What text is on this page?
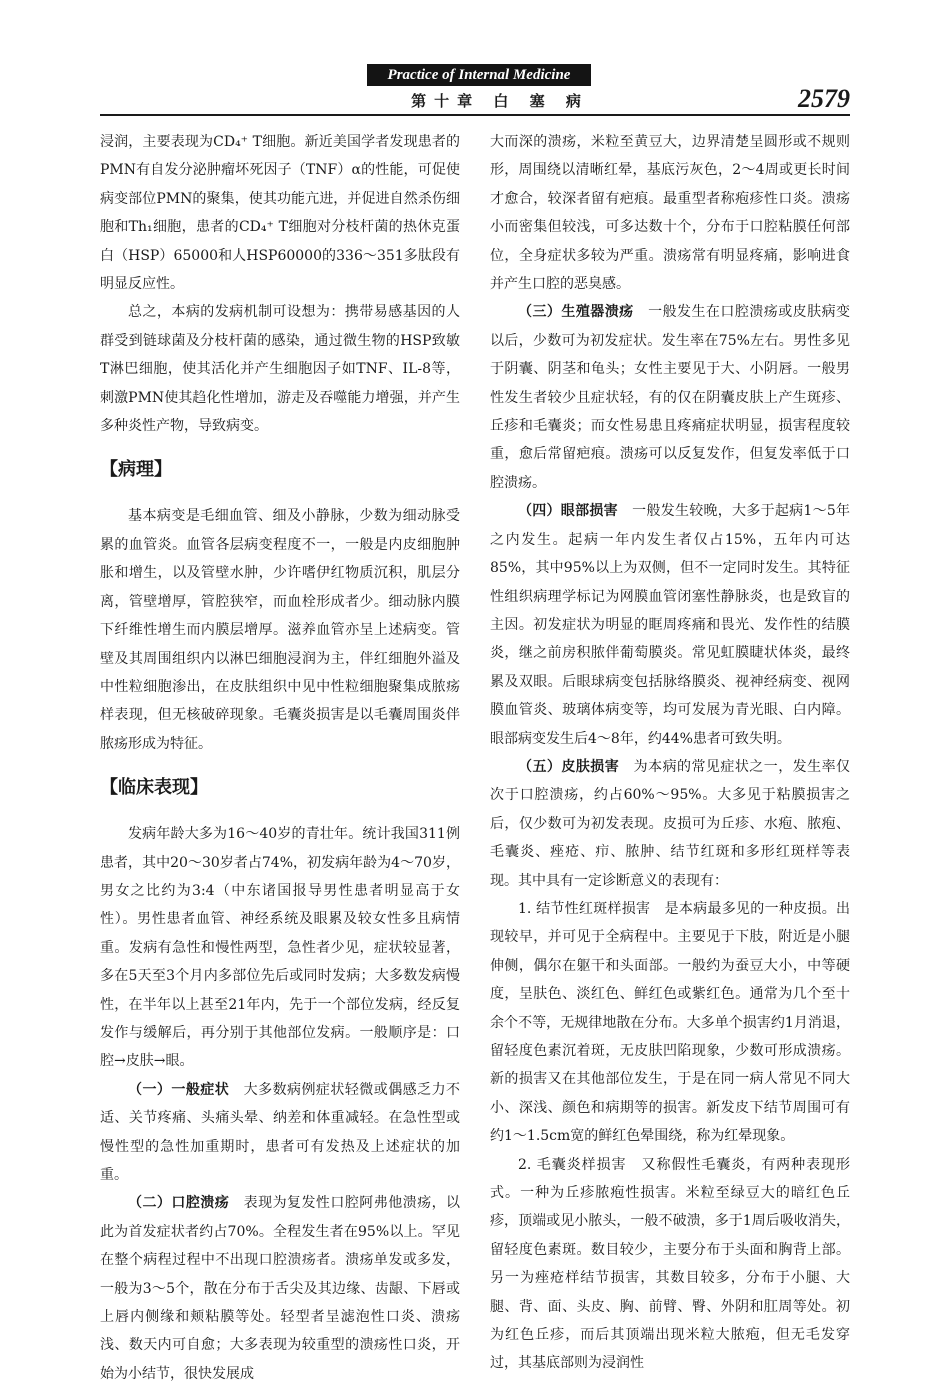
Practice of Internal Medicine
第十章 白 塞 病	2579

浸润，主要表现为CD₄⁺ T细胞。新近美国学者发现患者的PMN有自发分泌肿瘤坏死因子（TNF）α的性能，可促使病变部位PMN的聚集，使其功能亢进，并促进自然杀伤细胞和Th₁细胞，患者的CD₄⁺ T细胞对分枝杆菌的热休克蛋白（HSP）65000和人HSP60000的336～351多肽段有明显反应性。

总之，本病的发病机制可设想为：携带易感基因的人群受到链球菌及分枝杆菌的感染，通过微生物的HSP致敏T淋巴细胞，使其活化并产生细胞因子如TNF、IL-8等，刺激PMN使其趋化性增加，游走及吞噬能力增强，并产生多种炎性产物，导致病变。

【病理】

基本病变是毛细血管、细及小静脉，少数为细动脉受累的血管炎。血管各层病变程度不一，一般是内皮细胞肿胀和增生，以及管壁水肿，少许嗜伊红物质沉积，肌层分离，管壁增厚，管腔狭窄，而血栓形成者少。细动脉内膜下纤维性增生而内膜层增厚。滋养血管亦呈上述病变。管壁及其周围组织内以淋巴细胞浸润为主，伴红细胞外溢及中性粒细胞渗出，在皮肤组织中见中性粒细胞聚集成脓疡样表现，但无核破碎现象。毛囊炎损害是以毛囊周围炎伴脓疡形成为特征。

【临床表现】

发病年龄大多为16～40岁的青壮年。统计我国311例患者，其中20～30岁者占74%，初发病年龄为4～70岁，男女之比约为3:4（中东诸国报导男性患者明显高于女性）。男性患者血管、神经系统及眼累及较女性多且病情重。发病有急性和慢性两型，急性者少见，症状较显著，多在5天至3个月内多部位先后或同时发病；大多数发病慢性，在半年以上甚至21年内，先于一个部位发病，经反复发作与缓解后，再分别于其他部位发病。一般顺序是：口腔→皮肤→眼。

（一）一般症状　 大多数病例症状轻微或偶感乏力不适、关节疼痛、头痛头晕、纳差和体重减轻。在急性型或慢性型的急性加重期时，患者可有发热及上述症状的加重。

（二）口腔溃疡　 表现为复发性口腔阿弗他溃疡，以此为首发症状者约占70%。全程发生者在95%以上。罕见在整个病程过程中不出现口腔溃疡者。溃疡单发或多发，一般为3～5个，散在分布于舌尖及其边缘、齿龈、下唇或上唇内侧缘和颊粘膜等处。轻型者呈滤泡性口炎、溃疡浅、数天内可自愈；大多表现为较重型的溃疡性口炎，开始为小结节，很快发展成

大而深的溃疡，米粒至黄豆大，边界清楚呈圆形或不规则形，周围绕以清晰红晕，基底污灰色，2～4周或更长时间才愈合，较深者留有疤痕。最重型者称疱疹性口炎。溃疡小而密集但较浅，可多达数十个，分布于口腔粘膜任何部位，全身症状多较为严重。溃疡常有明显疼痛，影响进食并产生口腔的恶臭感。

（三）生殖器溃疡　 一般发生在口腔溃疡或皮肤病变以后，少数可为初发症状。发生率在75%左右。男性多见于阴囊、阴茎和龟头；女性主要见于大、小阴唇。一般男性发生者较少且症状轻，有的仅在阴囊皮肤上产生斑疹、丘疹和毛囊炎；而女性易患且疼痛症状明显，损害程度较重，愈后常留疤痕。溃疡可以反复发作，但复发率低于口腔溃疡。

（四）眼部损害　 一般发生较晚，大多于起病1～5年之内发生。起病一年内发生者仅占15%，五年内可达85%，其中95%以上为双侧，但不一定同时发生。其特征性组织病理学标记为网膜血管闭塞性静脉炎，也是致盲的主因。初发症状为明显的眶周疼痛和畏光、发作性的结膜炎，继之前房积脓伴葡萄膜炎。常见虹膜睫状体炎，最终累及双眼。后眼球病变包括脉络膜炎、视神经病变、视网膜血管炎、玻璃体病变等，均可发展为青光眼、白内障。眼部病变发生后4～8年，约44%患者可致失明。

（五）皮肤损害　 为本病的常见症状之一，发生率仅次于口腔溃疡，约占60%～95%。大多见于粘膜损害之后，仅少数可为初发表现。皮损可为丘疹、水疱、脓疱、毛囊炎、痤疮、疖、脓肿、结节红斑和多形红斑样等表现。其中具有一定诊断意义的表现有：

1. 结节性红斑样损害　 是本病最多见的一种皮损。出现较早，并可见于全病程中。主要见于下肢，附近是小腿伸侧，偶尔在躯干和头面部。一般约为蚕豆大小，中等硬度，呈肤色、淡红色、鲜红色或紫红色。通常为几个至十余个不等，无规律地散在分布。大多单个损害约1月消退，留轻度色素沉着斑，无皮肤凹陷现象，少数可形成溃疡。新的损害又在其他部位发生，于是在同一病人常见不同大小、深浅、颜色和病期等的损害。新发皮下结节周围可有约1～1.5cm宽的鲜红色晕围绕，称为红晕现象。

2. 毛囊炎样损害　 又称假性毛囊炎，有两种表现形式。一种为丘疹脓疱性损害。米粒至绿豆大的暗红色丘疹，顶端或见小脓头，一般不破溃，多于1周后吸收消失，留轻度色素斑。数目较少，主要分布于头面和胸背上部。另一为痤疮样结节损害，其数目较多，分布于小腿、大腿、背、面、头皮、胸、前臂、臀、外阴和肛周等处。初为红色丘疹，而后其顶端出现米粒大脓疱，但无毛发穿过，其基底部则为浸润性
